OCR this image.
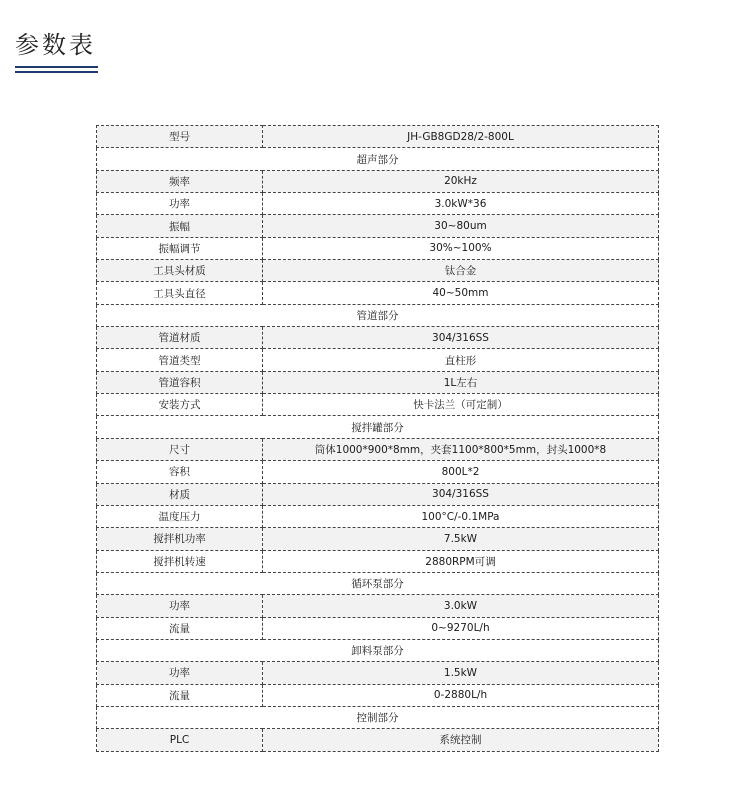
参数表
型号	JH-GB8GD28/2-800L
超声部分	
频率	20kHz
功率	3.0kW*36
振幅	30~80um
振幅调节	30%~100%
工具头材质	钛合金
工具头直径	40~50mm
管道部分	
管道材质	304/316SS
管道类型	直柱形
管道容积	1L左右
安装方式	快卡法兰（可定制）
搅拌罐部分	
尺寸	筒体1000*900*8mm，夹套1100*800*5mm，封头1000*8
容积	800L*2
材质	304/316SS
温度压力	100°C/-0.1MPa
搅拌机功率	7.5kW
搅拌机转速	2880RPM可调
循环泵部分	
功率	3.0kW
流量	0~9270L/h
卸料泵部分	
功率	1.5kW
流量	0-2880L/h
控制部分	
PLC	系统控制
